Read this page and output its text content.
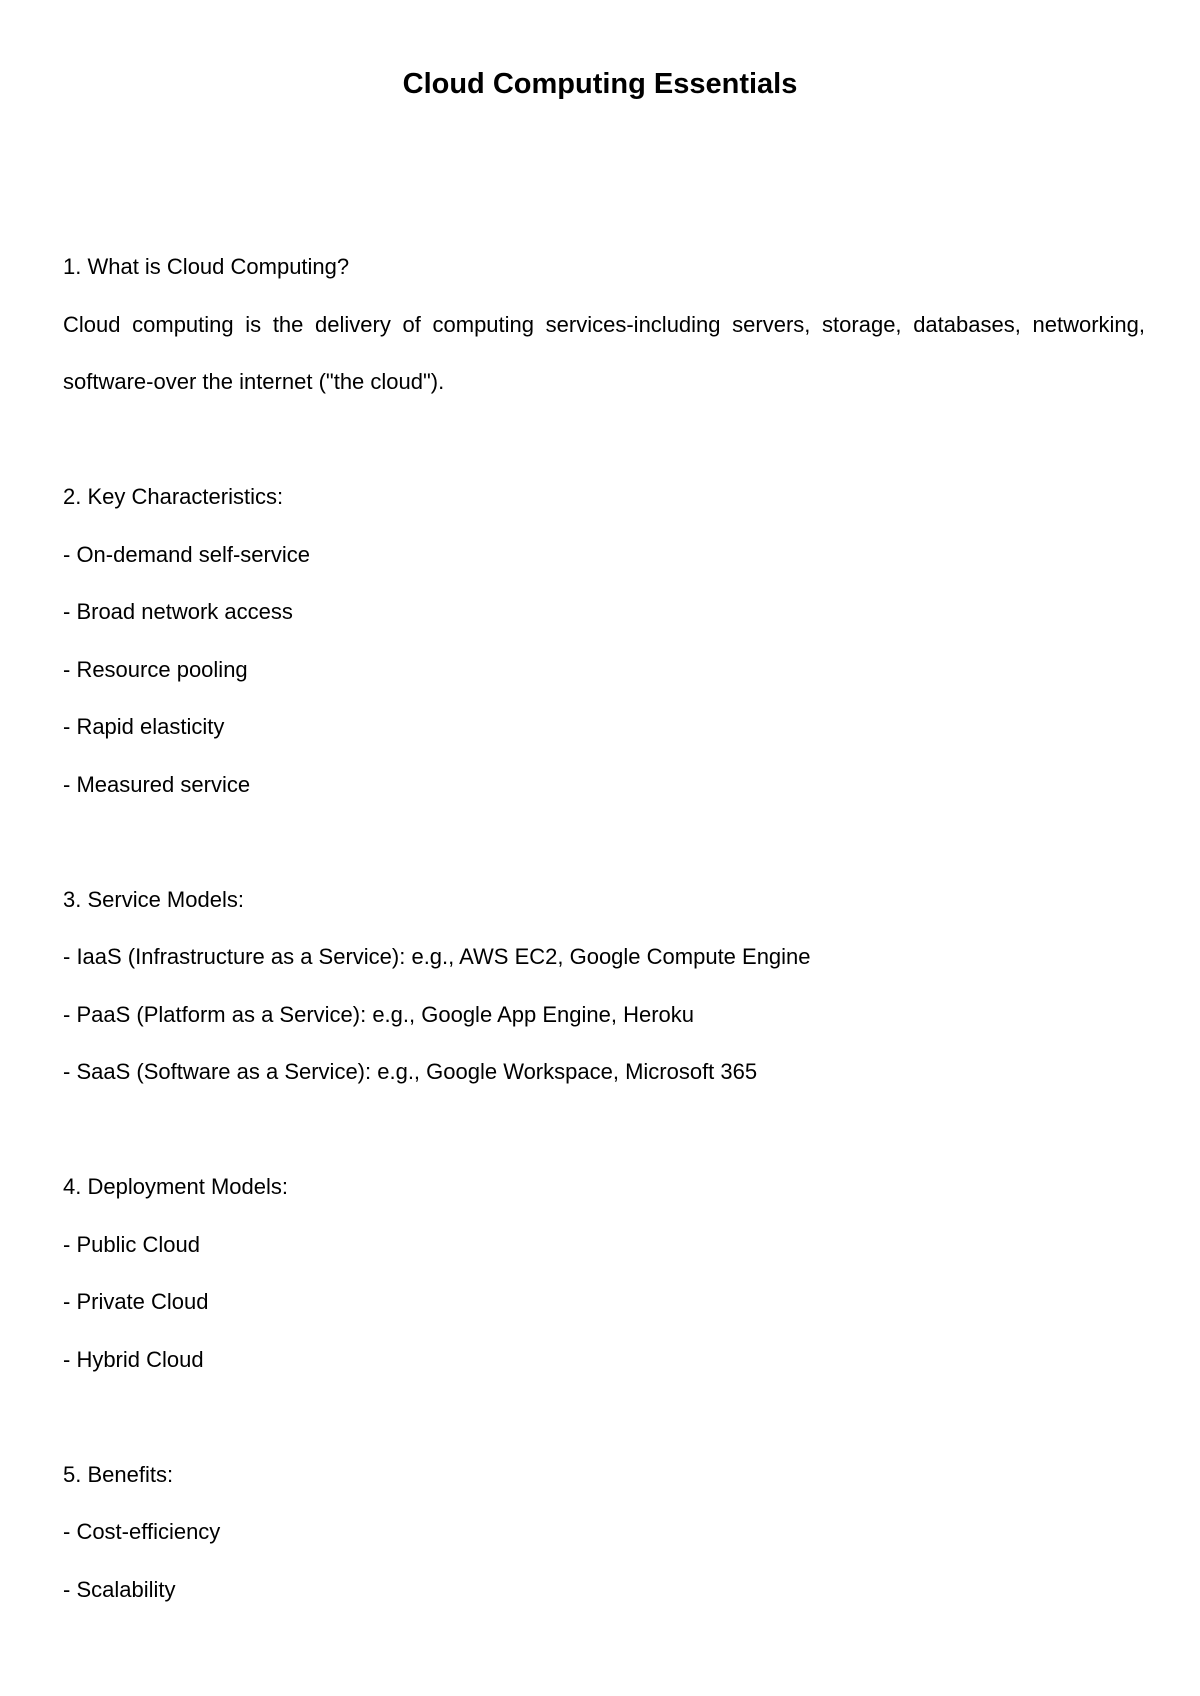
Cloud Computing Essentials
1. What is Cloud Computing?
Cloud computing is the delivery of computing services-including servers, storage, databases, networking, software-over the internet ("the cloud").
2. Key Characteristics:
- On-demand self-service
- Broad network access
- Resource pooling
- Rapid elasticity
- Measured service
3. Service Models:
- IaaS (Infrastructure as a Service): e.g., AWS EC2, Google Compute Engine
- PaaS (Platform as a Service): e.g., Google App Engine, Heroku
- SaaS (Software as a Service): e.g., Google Workspace, Microsoft 365
4. Deployment Models:
- Public Cloud
- Private Cloud
- Hybrid Cloud
5. Benefits:
- Cost-efficiency
- Scalability
